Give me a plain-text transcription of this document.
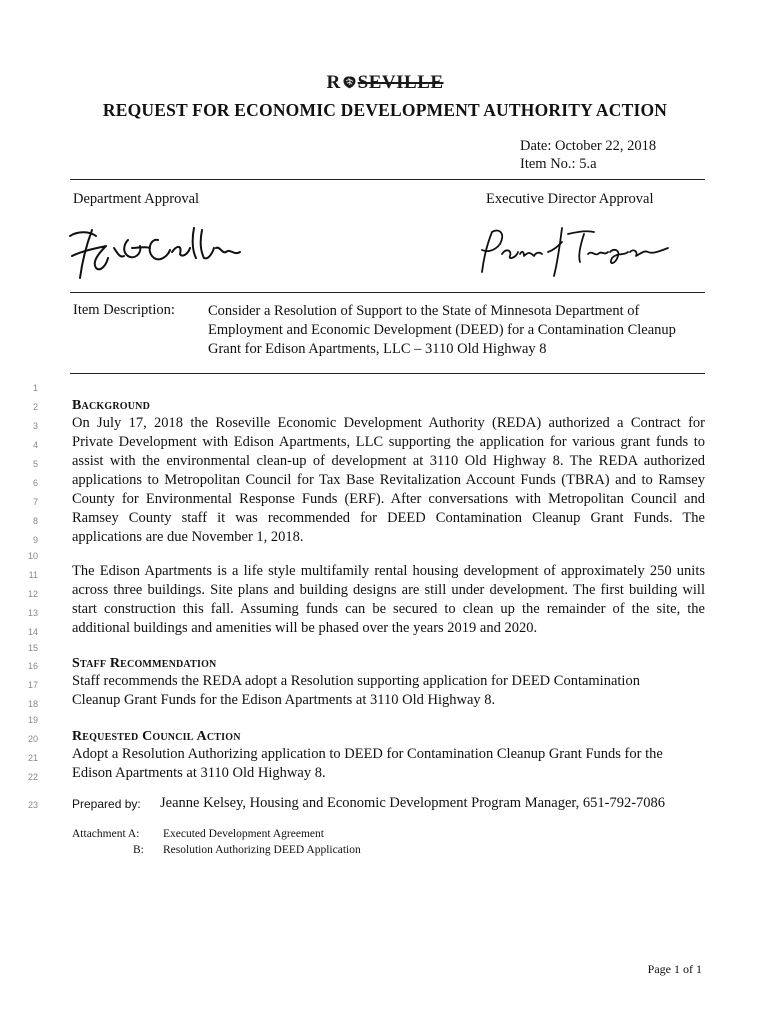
R SEVILLE
REQUEST FOR ECONOMIC DEVELOPMENT AUTHORITY ACTION
Date: October 22, 2018
Item No.: 5.a
Department Approval	Executive Director Approval
Item Description: Consider a Resolution of Support to the State of Minnesota Department of
Employment and Economic Development (DEED) for a Contamination Cleanup
Grant for Edison Apartments, LLC – 3110 Old Highway 8
1
2
3
4
5
6
7
8
9
10
11
12
13
14
15
16
17
18
19
20
21
22
23
Background
On July 17, 2018 the Roseville Economic Development Authority (REDA) authorized a Contract for
Private Development with Edison Apartments, LLC supporting the application for various grant funds to
assist with the environmental clean-up of development at 3110 Old Highway 8. The REDA authorized
applications to Metropolitan Council for Tax Base Revitalization Account Funds (TBRA) and to Ramsey
County for Environmental Response Funds (ERF). After conversations with Metropolitan Council and
Ramsey County staff it was recommended for DEED Contamination Cleanup Grant Funds. The
applications are due November 1, 2018.
The Edison Apartments is a life style multifamily rental housing development of approximately 250 units
across three buildings. Site plans and building designs are still under development. The first building will
start construction this fall. Assuming funds can be secured to clean up the remainder of the site, the
additional buildings and amenities will be phased over the years 2019 and 2020.
Staff Recommendation
Staff recommends the REDA adopt a Resolution supporting application for DEED Contamination
Cleanup Grant Funds for the Edison Apartments at 3110 Old Highway 8.
Requested Council Action
Adopt a Resolution Authorizing application to DEED for Contamination Cleanup Grant Funds for the
Edison Apartments at 3110 Old Highway 8.
Prepared by: Jeanne Kelsey, Housing and Economic Development Program Manager, 651-792-7086
Attachment A: Executed Development Agreement
B: Resolution Authorizing DEED Application
Page 1 of 1
